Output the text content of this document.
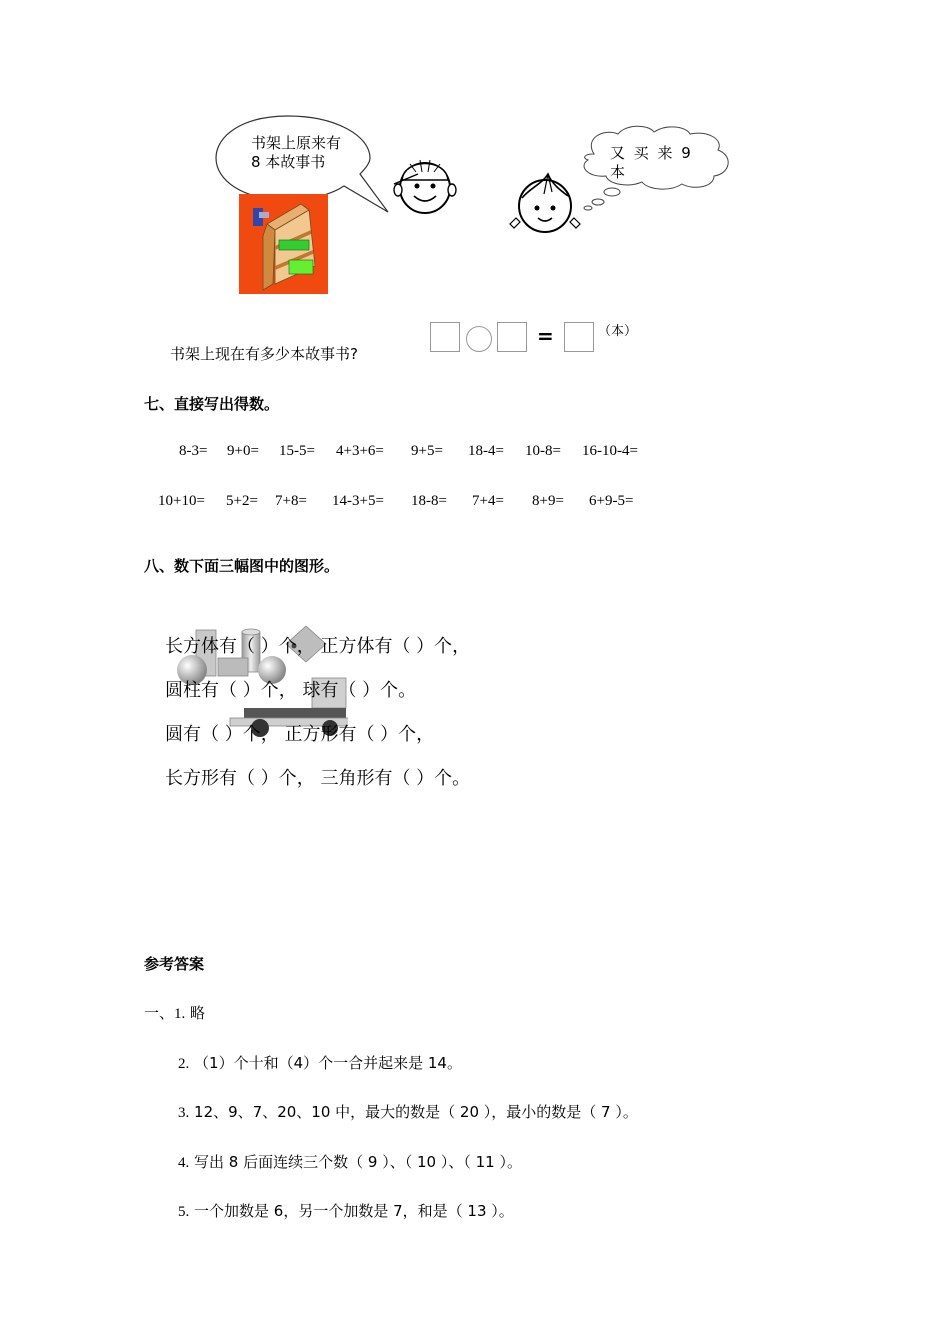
书架上原来有 8 本故事书	又 买 来 9 本
=	（本）
书架上现在有多少本故事书?
七、直接写出得数。
8-3= 9+0= 15-5= 4+3+6= 9+5= 18-4= 10-8= 16-10-4=
10+10= 5+2= 7+8= 14-3+5= 18-8= 7+4= 8+9= 6+9-5=
八、数下面三幅图中的图形。
长方体有（ ）个， 正方体有（ ）个，
圆柱有（ ）个， 球有（ ）个。
圆有（ ）个， 正方形有（ ）个，
长方形有（ ）个， 三角形有（ ）个。
参考答案
一、1. 略
2. （1）个十和（4）个一合并起来是 14。
3. 12、9、7、20、10 中，最大的数是（ 20 ），最小的数是（ 7 ）。
4. 写出 8 后面连续三个数（ 9 ）、（ 10 ）、（ 11 ）。
5. 一个加数是 6，另一个加数是 7，和是（ 13 ）。
